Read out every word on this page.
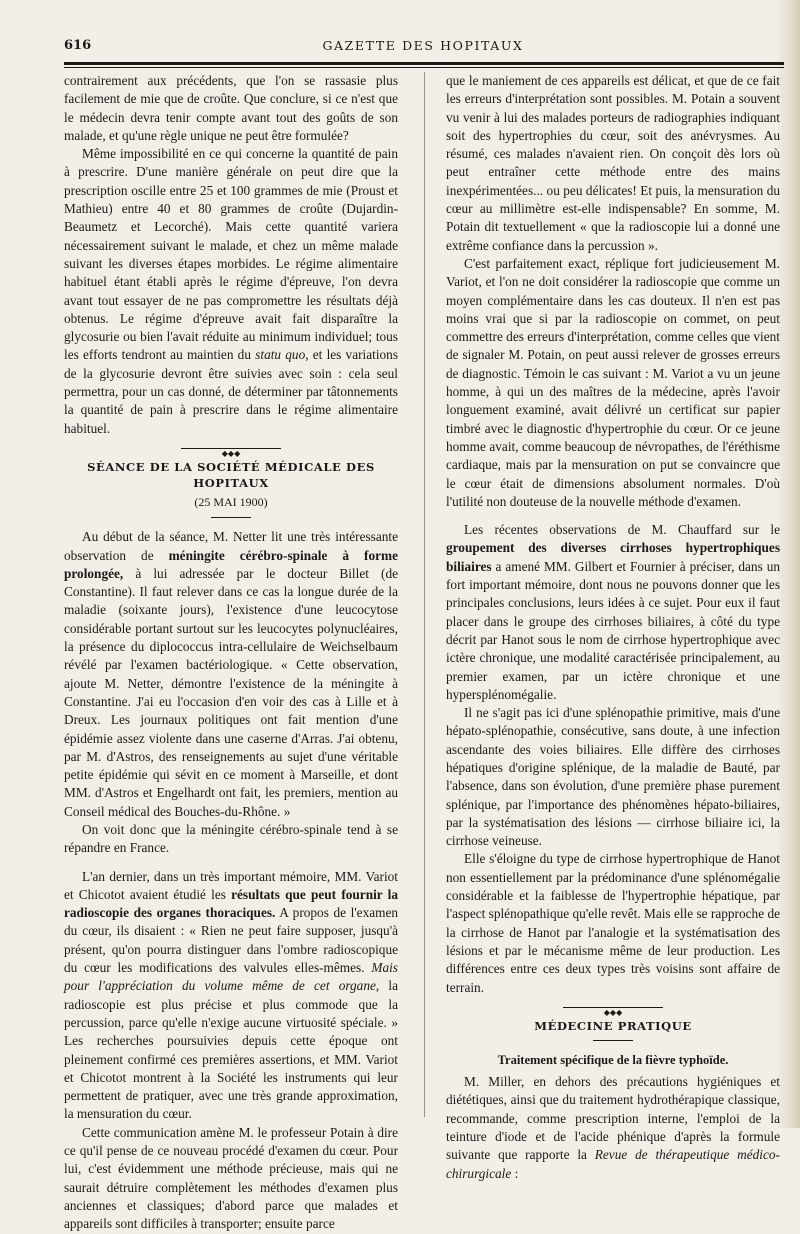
616	GAZETTE DES HOPITAUX

contrairement aux précédents, que l'on se rassasie plus facilement de mie que de croûte. Que conclure, si ce n'est que le médecin devra tenir compte avant tout des goûts de son malade, et qu'une règle unique ne peut être formulée?

Même impossibilité en ce qui concerne la quantité de pain à prescrire. D'une manière générale on peut dire que la prescription oscille entre 25 et 100 grammes de mie (Proust et Mathieu) entre 40 et 80 grammes de croûte (Dujardin-Beaumetz et Lecorché). Mais cette quantité variera nécessairement suivant le malade, et chez un même malade suivant les diverses étapes morbides. Le régime alimentaire habituel étant établi après le régime d'épreuve, l'on devra avant tout essayer de ne pas compromettre les résultats déjà obtenus. Le régime d'épreuve avait fait disparaître la glycosurie ou bien l'avait réduite au minimum individuel; tous les efforts tendront au maintien du statu quo, et les variations de la glycosurie devront être suivies avec soin : cela seul permettra, pour un cas donné, de déterminer par tâtonnements la quantité de pain à prescrire dans le régime alimentaire habituel.

◆◆◆
SÉANCE DE LA SOCIÉTÉ MÉDICALE DES HOPITAUX
(25 MAI 1900)

Au début de la séance, M. Netter lit une très intéressante observation de méningite cérébro-spinale à forme prolongée, à lui adressée par le docteur Billet (de Constantine). Il faut relever dans ce cas la longue durée de la maladie (soixante jours), l'existence d'une leucocytose considérable portant surtout sur les leucocytes polynucléaires, la présence du diplococcus intra-cellulaire de Weichselbaum révélé par l'examen bactériologique. « Cette observation, ajoute M. Netter, démontre l'existence de la méningite à Constantine. J'ai eu l'occasion d'en voir des cas à Lille et à Dreux. Les journaux politiques ont fait mention d'une épidémie assez violente dans une caserne d'Arras. J'ai obtenu, par M. d'Astros, des renseignements au sujet d'une véritable petite épidémie qui sévit en ce moment à Marseille, et dont MM. d'Astros et Engelhardt ont fait, les premiers, mention au Conseil médical des Bouches-du-Rhône. »

On voit donc que la méningite cérébro-spinale tend à se répandre en France.

L'an dernier, dans un très important mémoire, MM. Variot et Chicotot avaient étudié les résultats que peut fournir la radioscopie des organes thoraciques. A propos de l'examen du cœur, ils disaient : « Rien ne peut faire supposer, jusqu'à présent, qu'on pourra distinguer dans l'ombre radioscopique du cœur les modifications des valvules elles-mêmes. Mais pour l'appréciation du volume même de cet organe, la radioscopie est plus précise et plus commode que la percussion, parce qu'elle n'exige aucune virtuosité spéciale. » Les recherches poursuivies depuis cette époque ont pleinement confirmé ces premières assertions, et MM. Variot et Chicotot montrent à la Société les instruments qui leur permettent de pratiquer, avec une très grande approximation, la mensuration du cœur.

Cette communication amène M. le professeur Potain à dire ce qu'il pense de ce nouveau procédé d'examen du cœur. Pour lui, c'est évidemment une méthode précieuse, mais qui ne saurait détruire complètement les méthodes d'examen plus anciennes et classiques; d'abord parce que malades et appareils sont difficiles à transporter; ensuite parce

que le maniement de ces appareils est délicat, et que de ce fait les erreurs d'interprétation sont possibles. M. Potain a souvent vu venir à lui des malades porteurs de radiographies indiquant soit des hypertrophies du cœur, soit des anévrysmes. Au résumé, ces malades n'avaient rien. On conçoit dès lors où peut entraîner cette méthode entre des mains inexpérimentées... ou peu délicates! Et puis, la mensuration du cœur au millimètre est-elle indispensable? En somme, M. Potain dit textuellement « que la radioscopie lui a donné une extrême confiance dans la percussion ».

C'est parfaitement exact, réplique fort judicieusement M. Variot, et l'on ne doit considérer la radioscopie que comme un moyen complémentaire dans les cas douteux. Il n'en est pas moins vrai que si par la radioscopie on commet, on peut commettre des erreurs d'interprétation, comme celles que vient de signaler M. Potain, on peut aussi relever de grosses erreurs de diagnostic. Témoin le cas suivant : M. Variot a vu un jeune homme, à qui un des maîtres de la médecine, après l'avoir longuement examiné, avait délivré un certificat sur papier timbré avec le diagnostic d'hypertrophie du cœur. Or ce jeune homme avait, comme beaucoup de névropathes, de l'éréthisme cardiaque, mais par la mensuration on put se convaincre que le cœur était de dimensions absolument normales. D'où l'utilité non douteuse de la nouvelle méthode d'examen.

Les récentes observations de M. Chauffard sur le groupement des diverses cirrhoses hypertrophiques biliaires a amené MM. Gilbert et Fournier à préciser, dans un fort important mémoire, dont nous ne pouvons donner que les principales conclusions, leurs idées à ce sujet. Pour eux il faut placer dans le groupe des cirrhoses biliaires, à côté du type décrit par Hanot sous le nom de cirrhose hypertrophique avec ictère chronique, une modalité caractérisée principalement, au premier examen, par un ictère chronique et une hypersplénomégalie.

Il ne s'agit pas ici d'une splénopathie primitive, mais d'une hépato-splénopathie, consécutive, sans doute, à une infection ascendante des voies biliaires. Elle diffère des cirrhoses hépatiques d'origine splénique, de la maladie de Bauté, par l'absence, dans son évolution, d'une première phase purement splénique, par l'importance des phénomènes hépato-biliaires, par la systématisation des lésions — cirrhose biliaire ici, la cirrhose veineuse.

Elle s'éloigne du type de cirrhose hypertrophique de Hanot non essentiellement par la prédominance d'une splénomégalie considérable et la faiblesse de l'hypertrophie hépatique, par l'aspect splénopathique qu'elle revêt. Mais elle se rapproche de la cirrhose de Hanot par l'analogie et la systématisation des lésions et par le mécanisme même de leur production. Les différences entre ces deux types très voisins sont affaire de terrain.

◆◆◆
MÉDECINE PRATIQUE
Traitement spécifique de la fièvre typhoïde.

M. Miller, en dehors des précautions hygiéniques et diététiques, ainsi que du traitement hydrothérapique classique, recommande, comme prescription interne, l'emploi de la teinture d'iode et de l'acide phénique d'après la formule suivante que rapporte la Revue de thérapeutique médico-chirurgicale :
